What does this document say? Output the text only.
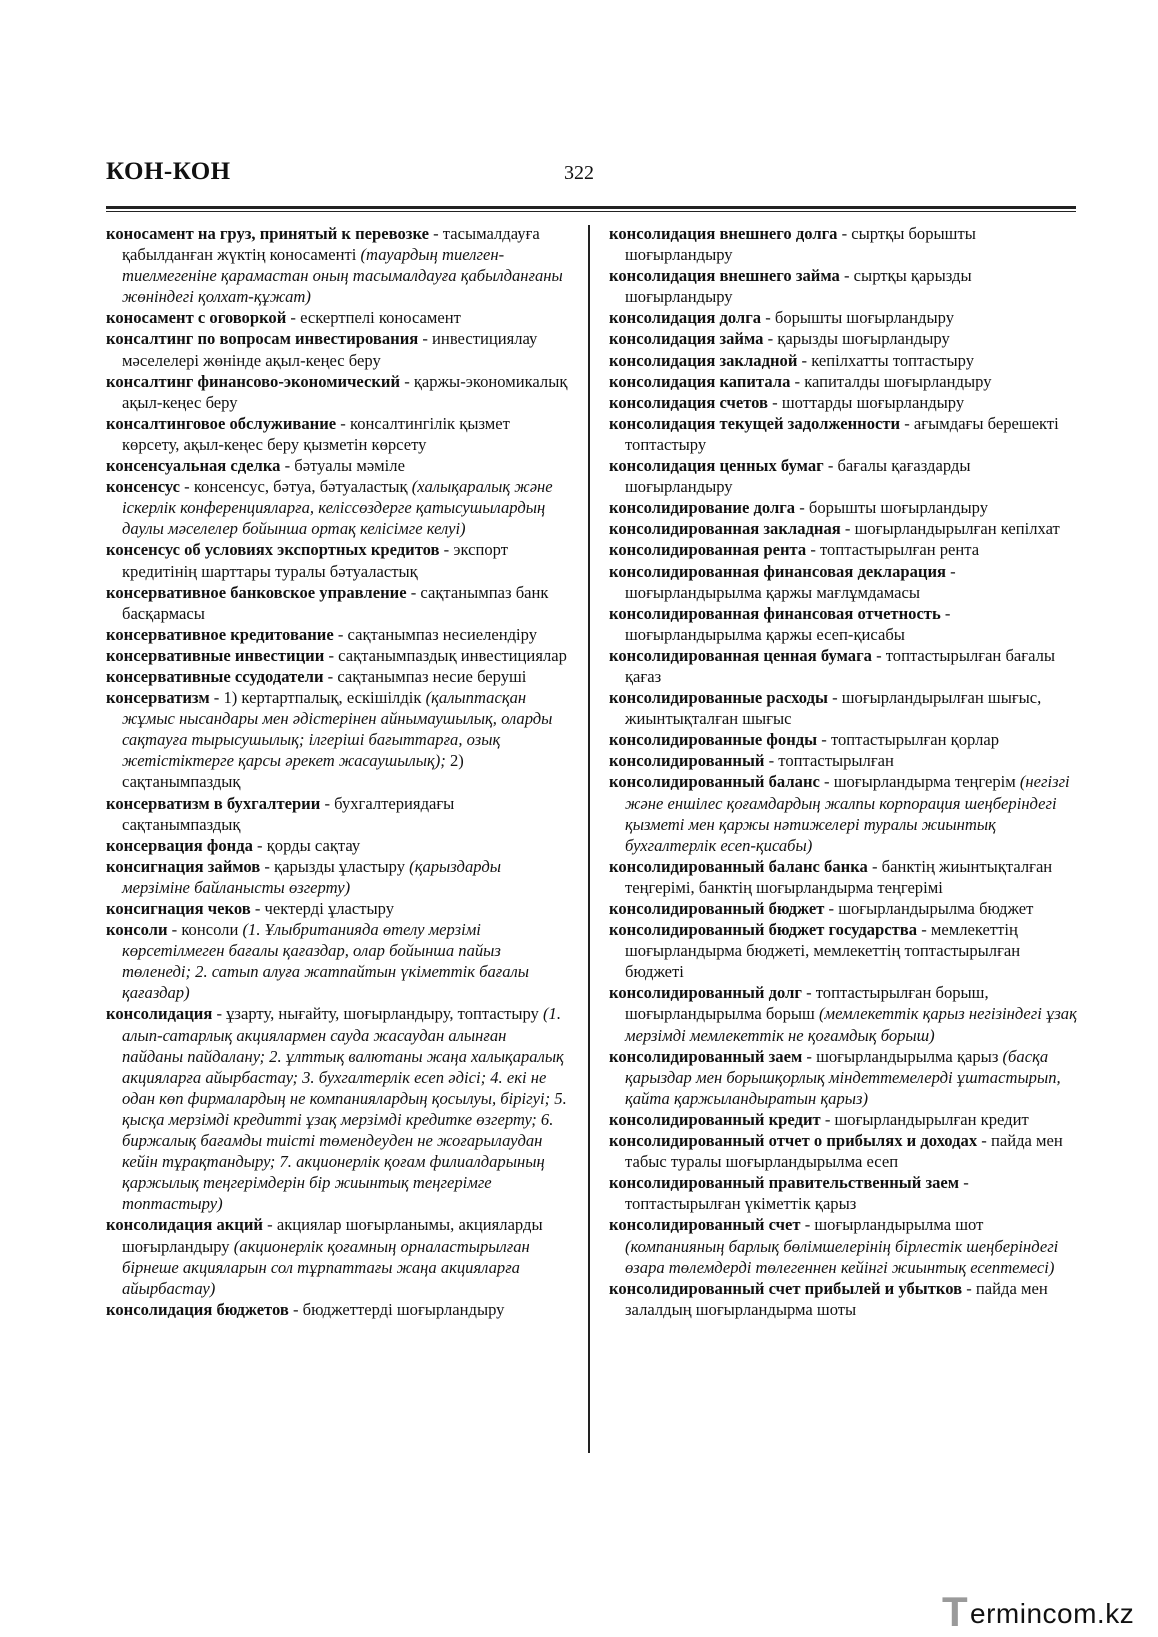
КОН-КОН	322
коносамент на груз, принятый к перевозке - тасымалдауға қабылданған жүктің коносаменті (тауардың тиелген-тиелмегеніне қарамастан оның тасымалдауға қабылданғаны жөніндегі қолхат-құжат)
коносамент с оговоркой - ескертпелі коносамент
консалтинг по вопросам инвестирования - инвестициялау мәселелері жөнінде ақыл-кеңес беру
консалтинг финансово-экономический - қаржы-экономикалық ақыл-кеңес беру
консалтинговое обслуживание - консалтингілік қызмет көрсету, ақыл-кеңес беру қызметін көрсету
консенсуальная сделка - бәтуалы мәміле
консенсус - консенсус, бәтуа, бәтуаластық (халықаралық және іскерлік конференцияларға, келіссөздерге қатысушылардың даулы мәселелер бойынша ортақ келісімге келуі)
консенсус об условиях экспортных кредитов - экспорт кредитінің шарттары туралы бәтуаластық
консервативное банковское управление - сақтанымпаз банк басқармасы
консервативное кредитование - сақтанымпаз несиелендіру
консервативные инвестиции - сақтанымпаздық инвестициялар
консервативные ссудодатели - сақтанымпаз несие беруші
консерватизм - 1) кертартпалық, ескішілдік (қалыптасқан жұмыс нысандары мен әдістерінен айнымаушылық, оларды сақтауға тырысушылық; ілгеріші бағыттарға, озық жетістіктерге қарсы әрекет жасаушылық); 2) сақтанымпаздық
консерватизм в бухгалтерии - бухгалтериядағы сақтанымпаздық
консервация фонда - қорды сақтау
консигнация займов - қарызды ұластыру (қарыздарды мерзіміне байланысты өзгерту)
консигнация чеков - чектерді ұластыру
консоли - консоли (1. Ұлыбританияда өтелу мерзімі көрсетілмеген бағалы қағаздар, олар бойынша пайыз төленеді; 2. сатып алуға жатпайтын үкіметтік бағалы қағаздар)
консолидация - ұзарту, нығайту, шоғырландыру, топтастыру (1. алып-сатарлық акциялармен сауда жасаудан алынған пайданы пайдалану; 2. ұлттық валютаны жаңа халықаралық акцияларға айырбастау; 3. бухгалтерлік есеп әдісі; 4. екі не одан көп фирмалардың не компаниялардың қосылуы, бірігуі; 5. қысқа мерзімді кредитті ұзақ мерзімді кредитке өзгерту; 6. биржалық бағамды тиісті төмендеуден не жоғарылаудан кейін тұрақтандыру; 7. акционерлік қоғам филиалдарының қаржылық теңгерімдерін бір жиынтық теңгерімге топтастыру)
консолидация акций - акциялар шоғырланымы, акцияларды шоғырландыру (акционерлік қоғамның орналастырылған бірнеше акцияларын сол тұрпаттағы жаңа акцияларға айырбастау)
консолидация бюджетов - бюджеттерді шоғырландыру
консолидация внешнего долга - сыртқы борышты шоғырландыру
консолидация внешнего займа - сыртқы қарызды шоғырландыру
консолидация долга - борышты шоғырландыру
консолидация займа - қарызды шоғырландыру
консолидация закладной - кепілхатты топтастыру
консолидация капитала - капиталды шоғырландыру
консолидация счетов - шоттарды шоғырландыру
консолидация текущей задолженности - ағымдағы берешекті топтастыру
консолидация ценных бумаг - бағалы қағаздарды шоғырландыру
консолидирование долга - борышты шоғырландыру
консолидированная закладная - шоғырландырылған кепілхат
консолидированная рента - топтастырылған рента
консолидированная финансовая декларация - шоғырландырылма қаржы мағлұмдамасы
консолидированная финансовая отчетность - шоғырландырылма қаржы есеп-қисабы
консолидированная ценная бумага - топтастырылған бағалы қағаз
консолидированные расходы - шоғырландырылған шығыс, жиынтықталған шығыс
консолидированные фонды - топтастырылған қорлар
консолидированный - топтастырылған
консолидированный баланс - шоғырландырма теңгерім (негізгі және еншілес қоғамдардың жалпы корпорация шеңберіндегі қызметі мен қаржы нәтижелері туралы жиынтық бухгалтерлік есеп-қисабы)
консолидированный баланс банка - банктің жиынтықталған теңгерімі, банктің шоғырландырма теңгерімі
консолидированный бюджет - шоғырландырылма бюджет
консолидированный бюджет государства - мемлекеттің шоғырландырма бюджеті, мемлекеттің топтастырылған бюджеті
консолидированный долг - топтастырылған борыш, шоғырландырылма борыш (мемлекеттік қарыз негізіндегі ұзақ мерзімді мемлекеттік не қоғамдық борыш)
консолидированный заем - шоғырландырылма қарыз (басқа қарыздар мен борышқорлық міндеттемелерді ұштастырып, қайта қаржыландыратын қарыз)
консолидированный кредит - шоғырландырылған кредит
консолидированный отчет о прибылях и доходах - пайда мен табыс туралы шоғырландырылма есеп
консолидированный правительственный заем - топтастырылған үкіметтік қарыз
консолидированный счет - шоғырландырылма шот (компанияның барлық бөлімшелерінің бірлестік шеңберіндегі өзара төлемдерді төлегеннен кейінгі жиынтық есептемесі)
консолидированный счет прибылей и убытков - пайда мен залалдың шоғырландырма шоты
T ermincom.kz
